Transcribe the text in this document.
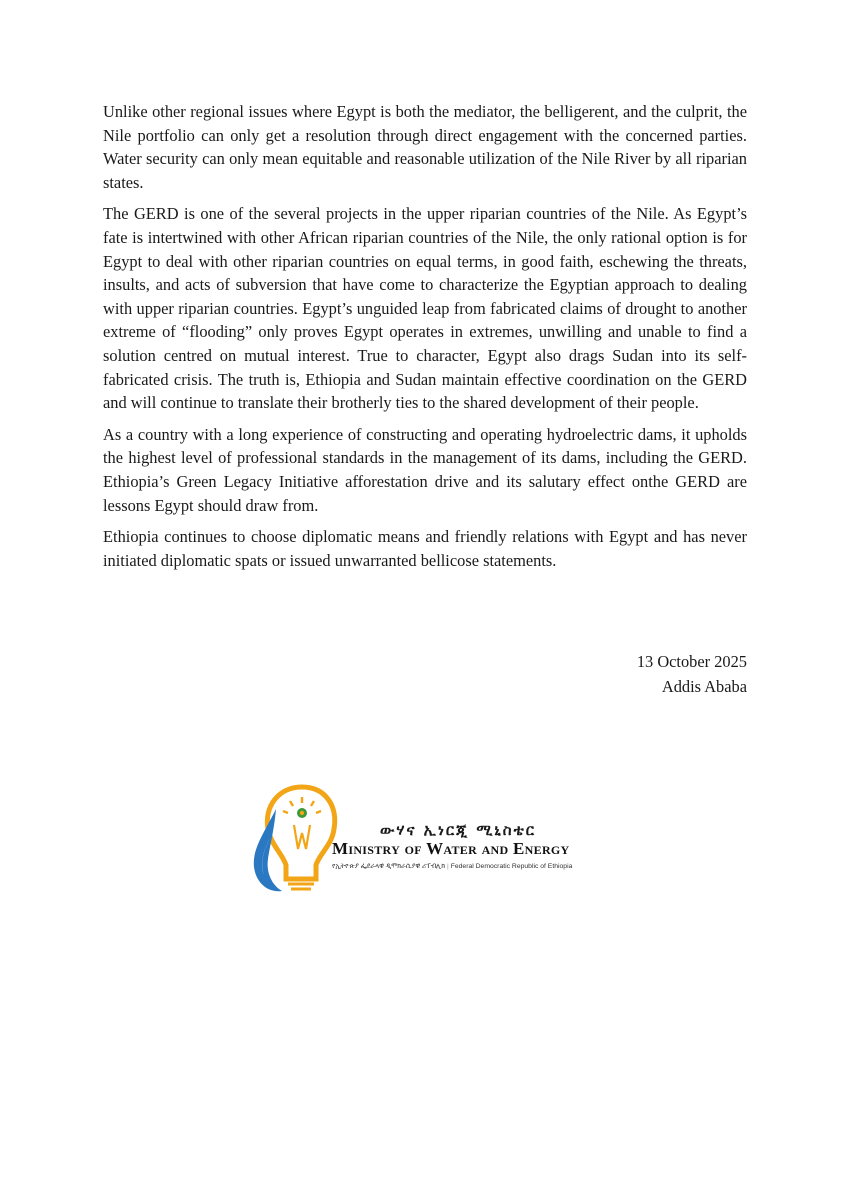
Unlike other regional issues where Egypt is both the mediator, the belligerent, and the culprit, the Nile portfolio can only get a resolution through direct engagement with the concerned parties. Water security can only mean equitable and reasonable utilization of the Nile River by all riparian states.

The GERD is one of the several projects in the upper riparian countries of the Nile. As Egypt’s fate is intertwined with other African riparian countries of the Nile, the only rational option is for Egypt to deal with other riparian countries on equal terms, in good faith, eschewing the threats, insults, and acts of subversion that have come to characterize the Egyptian approach to dealing with upper riparian countries. Egypt’s unguided leap from fabricated claims of drought to another extreme of “flooding” only proves Egypt operates in extremes, unwilling and unable to find a solution centred on mutual interest. True to character, Egypt also drags Sudan into its self-fabricated crisis. The truth is, Ethiopia and Sudan maintain effective coordination on the GERD and will continue to translate their brotherly ties to the shared development of their people.

As a country with a long experience of constructing and operating hydroelectric dams, it upholds the highest level of professional standards in the management of its dams, including the GERD. Ethiopia’s Green Legacy Initiative afforestation drive and its salutary effect onthe GERD are lessons Egypt should draw from.

Ethiopia continues to choose diplomatic means and friendly relations with Egypt and has never initiated diplomatic spats or issued unwarranted bellicose statements.

13 October 2025
Addis Ababa
ውሃና ኢነርጂ ሚኒስቴር
Ministry of Water and Energy
የኢትዮጵያ ፌደራላዊ ዲሞክራሲያዊ ሪፐብሊክ | Federal Democratic Republic of Ethiopia
